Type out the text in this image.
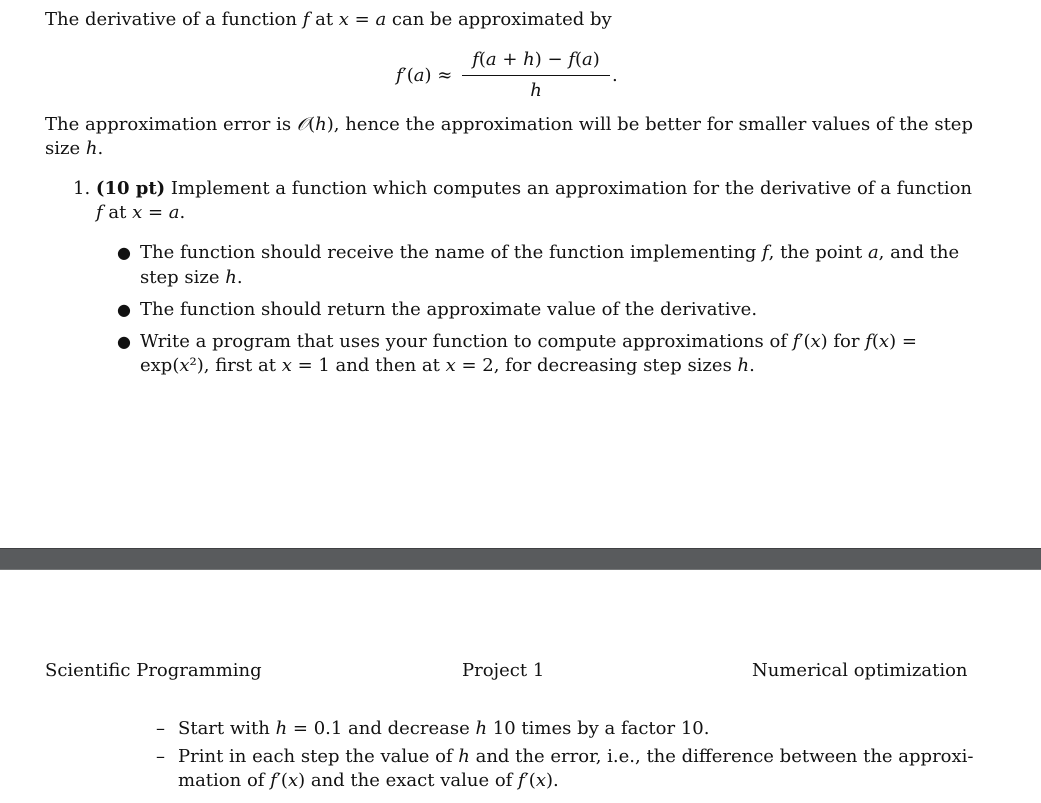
The derivative of a function f at x = a can be approximated by
f′(a) ≈
f(a + h) − f(a)
h
.
The approximation error is 𝒪(h), hence the approximation will be better for smaller values of the step
size h.
1. (10 pt) Implement a function which computes an approximation for the derivative of a function
f at x = a.
● The function should receive the name of the function implementing f, the point a, and the
step size h.
● The function should return the approximate value of the derivative.
● Write a program that uses your function to compute approximations of f′(x) for f(x) =
exp(x²), first at x = 1 and then at x = 2, for decreasing step sizes h.
Scientific Programming	Project 1	Numerical optimization
– Start with h = 0.1 and decrease h 10 times by a factor 10.
– Print in each step the value of h and the error, i.e., the difference between the approxi-
mation of f′(x) and the exact value of f′(x).
